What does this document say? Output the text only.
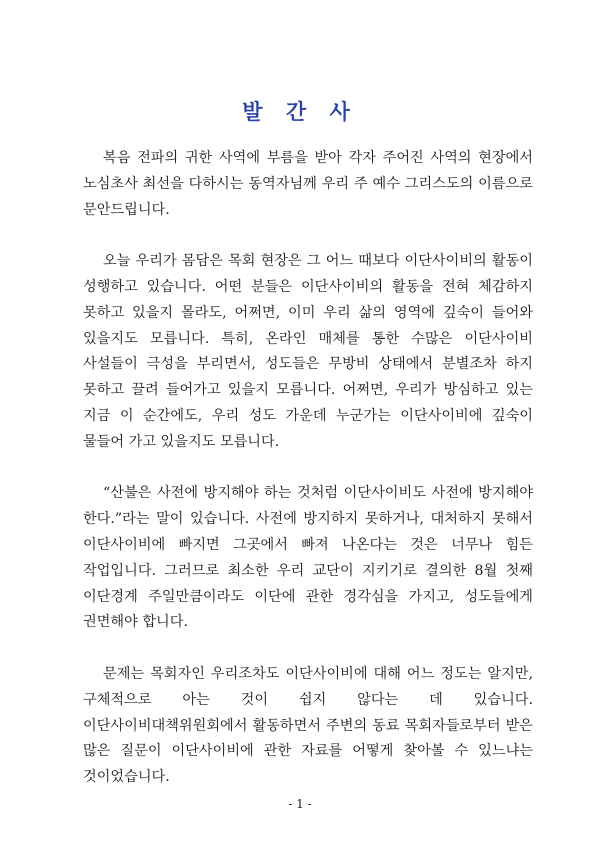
발 간 사

복음 전파의 귀한 사역에 부름을 받아 각자 주어진 사역의 현장에서 노심초사 최선을 다하시는 동역자님께 우리 주 예수 그리스도의 이름으로 문안드립니다.

오늘 우리가 몸담은 목회 현장은 그 어느 때보다 이단사이비의 활동이 성행하고 있습니다. 어떤 분들은 이단사이비의 활동을 전혀 체감하지 못하고 있을지 몰라도, 어쩌면, 이미 우리 삶의 영역에 깊숙이 들어와 있을지도 모릅니다. 특히, 온라인 매체를 통한 수많은 이단사이비 사설들이 극성을 부리면서, 성도들은 무방비 상태에서 분별조차 하지 못하고 끌려 들어가고 있을지 모릅니다. 어쩌면, 우리가 방심하고 있는 지금 이 순간에도, 우리 성도 가운데 누군가는 이단사이비에 깊숙이 물들어 가고 있을지도 모릅니다.

“산불은 사전에 방지해야 하는 것처럼 이단사이비도 사전에 방지해야 한다.”라는 말이 있습니다. 사전에 방지하지 못하거나, 대처하지 못해서 이단사이비에 빠지면 그곳에서 빠져 나온다는 것은 너무나 힘든 작업입니다. 그러므로 최소한 우리 교단이 지키기로 결의한 8월 첫째 이단경계 주일만큼이라도 이단에 관한 경각심을 가지고, 성도들에게 권면해야 합니다.

문제는 목회자인 우리조차도 이단사이비에 대해 어느 정도는 알지만, 구체적으로 아는 것이 쉽지 않다는 데 있습니다. 이단사이비대책위원회에서 활동하면서 주변의 동료 목회자들로부터 받은 많은 질문이 이단사이비에 관한 자료를 어떻게 찾아볼 수 있느냐는 것이었습니다.

- 1 -
